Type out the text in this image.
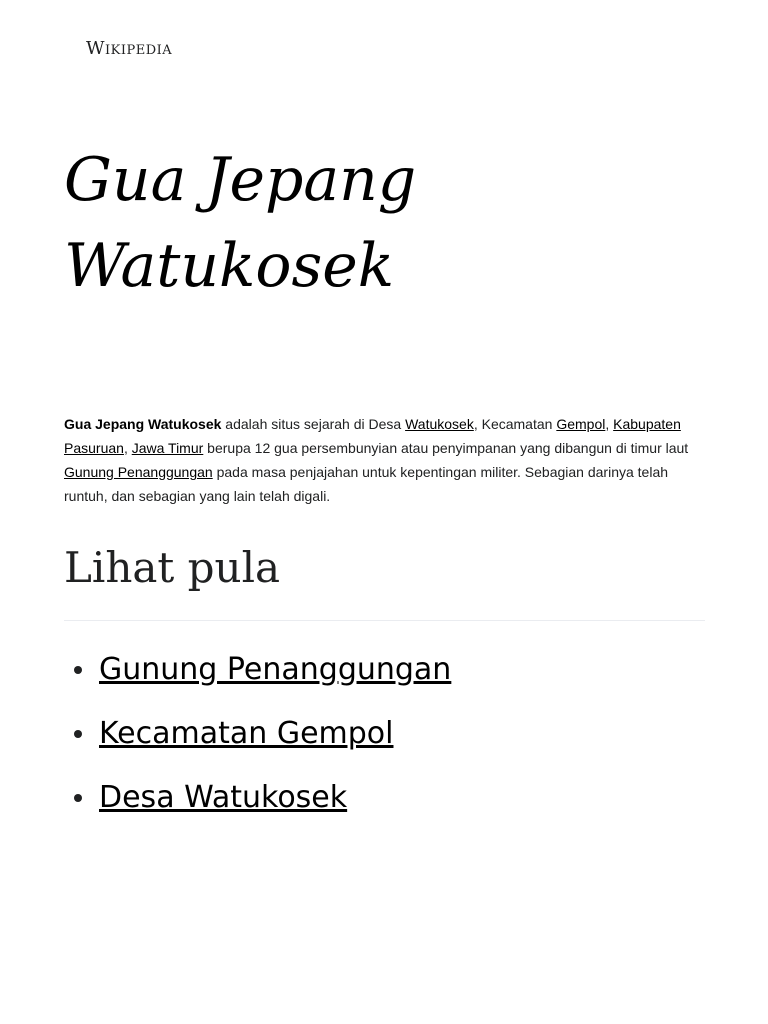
Wikipedia
Gua Jepang Watukosek

Gua Jepang Watukosek adalah situs sejarah di Desa Watukosek, Kecamatan Gempol, Kabupaten Pasuruan, Jawa Timur berupa 12 gua persembunyian atau penyimpanan yang dibangun di timur laut Gunung Penanggungan pada masa penjajahan untuk kepentingan militer. Sebagian darinya telah runtuh, dan sebagian yang lain telah digali.

Lihat pula
Gunung Penanggungan
Kecamatan Gempol
Desa Watukosek
